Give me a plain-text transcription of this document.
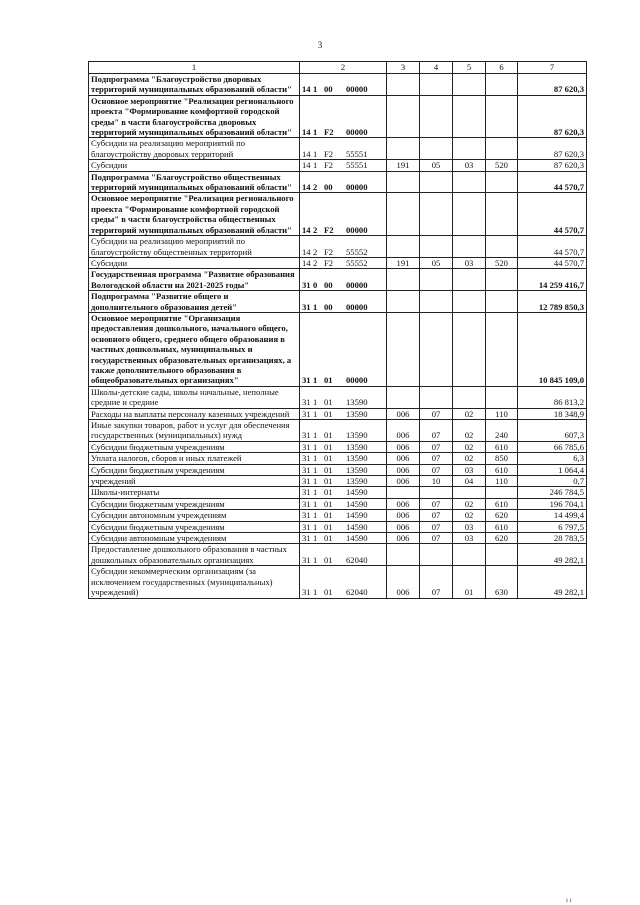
3
1	2	3	4	5	6	7
Подпрограмма "Благоустройство дворовых территорий муниципальных образований области"	14 1 00 00000					87 620,3
Основное мероприятие "Реализация регионального проекта "Формирование комфортной городской среды" в части благоустройства дворовых территорий муниципальных образований области"	14 1 F2 00000					87 620,3
Субсидии на реализацию мероприятий по благоустройству дворовых территорий	14 1 F2 55551					87 620,3
Субсидии	14 1 F2 55551	191	05	03	520	87 620,3
Подпрограмма "Благоустройство общественных территорий муниципальных образований области"	14 2 00 00000					44 570,7
Основное мероприятие "Реализация регионального проекта "Формирование комфортной городской среды" в части благоустройства общественных территорий муниципальных образований области"	14 2 F2 00000					44 570,7
Субсидии на реализацию мероприятий по благоустройству общественных территорий	14 2 F2 55552					44 570,7
Субсидии	14 2 F2 55552	191	05	03	520	44 570,7
Государственная программа "Развитие образования Вологодской области на 2021-2025 годы"	31 0 00 00000					14 259 416,7
Подпрограмма "Развитие общего и дополнительного образования детей"	31 1 00 00000					12 789 850,3
Основное мероприятие "Организация предоставления дошкольного, начального общего, основного общего, среднего общего образования в частных дошкольных, муниципальных и государственных образовательных организациях, а также дополнительного образования в общеобразовательных организациях"	31 1 01 00000					10 845 109,0
Школы-детские сады, школы начальные, неполные средние и средние	31 1 01 13590					86 813,2
Расходы на выплаты персоналу казенных учреждений	31 1 01 13590	006	07	02	110	18 348,9
Иные закупки товаров, работ и услуг для обеспечения государственных (муниципальных) нужд	31 1 01 13590	006	07	02	240	607,3
Субсидии бюджетным учреждениям	31 1 01 13590	006	07	02	610	66 785,6
Уплата налогов, сборов и иных платежей	31 1 01 13590	006	07	02	850	6,3
Субсидии бюджетным учреждениям	31 1 01 13590	006	07	03	610	1 064,4
учреждений	31 1 01 13590	006	10	04	110	0,7
Школы-интернаты	31 1 01 14590					246 784,5
Субсидии бюджетным учреждениям	31 1 01 14590	006	07	02	610	196 704,1
Субсидии автономным учреждениям	31 1 01 14590	006	07	02	620	14 499,4
Субсидии бюджетным учреждениям	31 1 01 14590	006	07	03	610	6 797,5
Субсидии автономным учреждениям	31 1 01 14590	006	07	03	620	28 783,5
Предоставление дошкольного образования в частных дошкольных образовательных организациях	31 1 01 62040					49 282,1
Субсидии некоммерческим организациям (за исключением государственных (муниципальных) учреждений)	31 1 01 62040	006	07	01	630	49 282,1
ı ı
